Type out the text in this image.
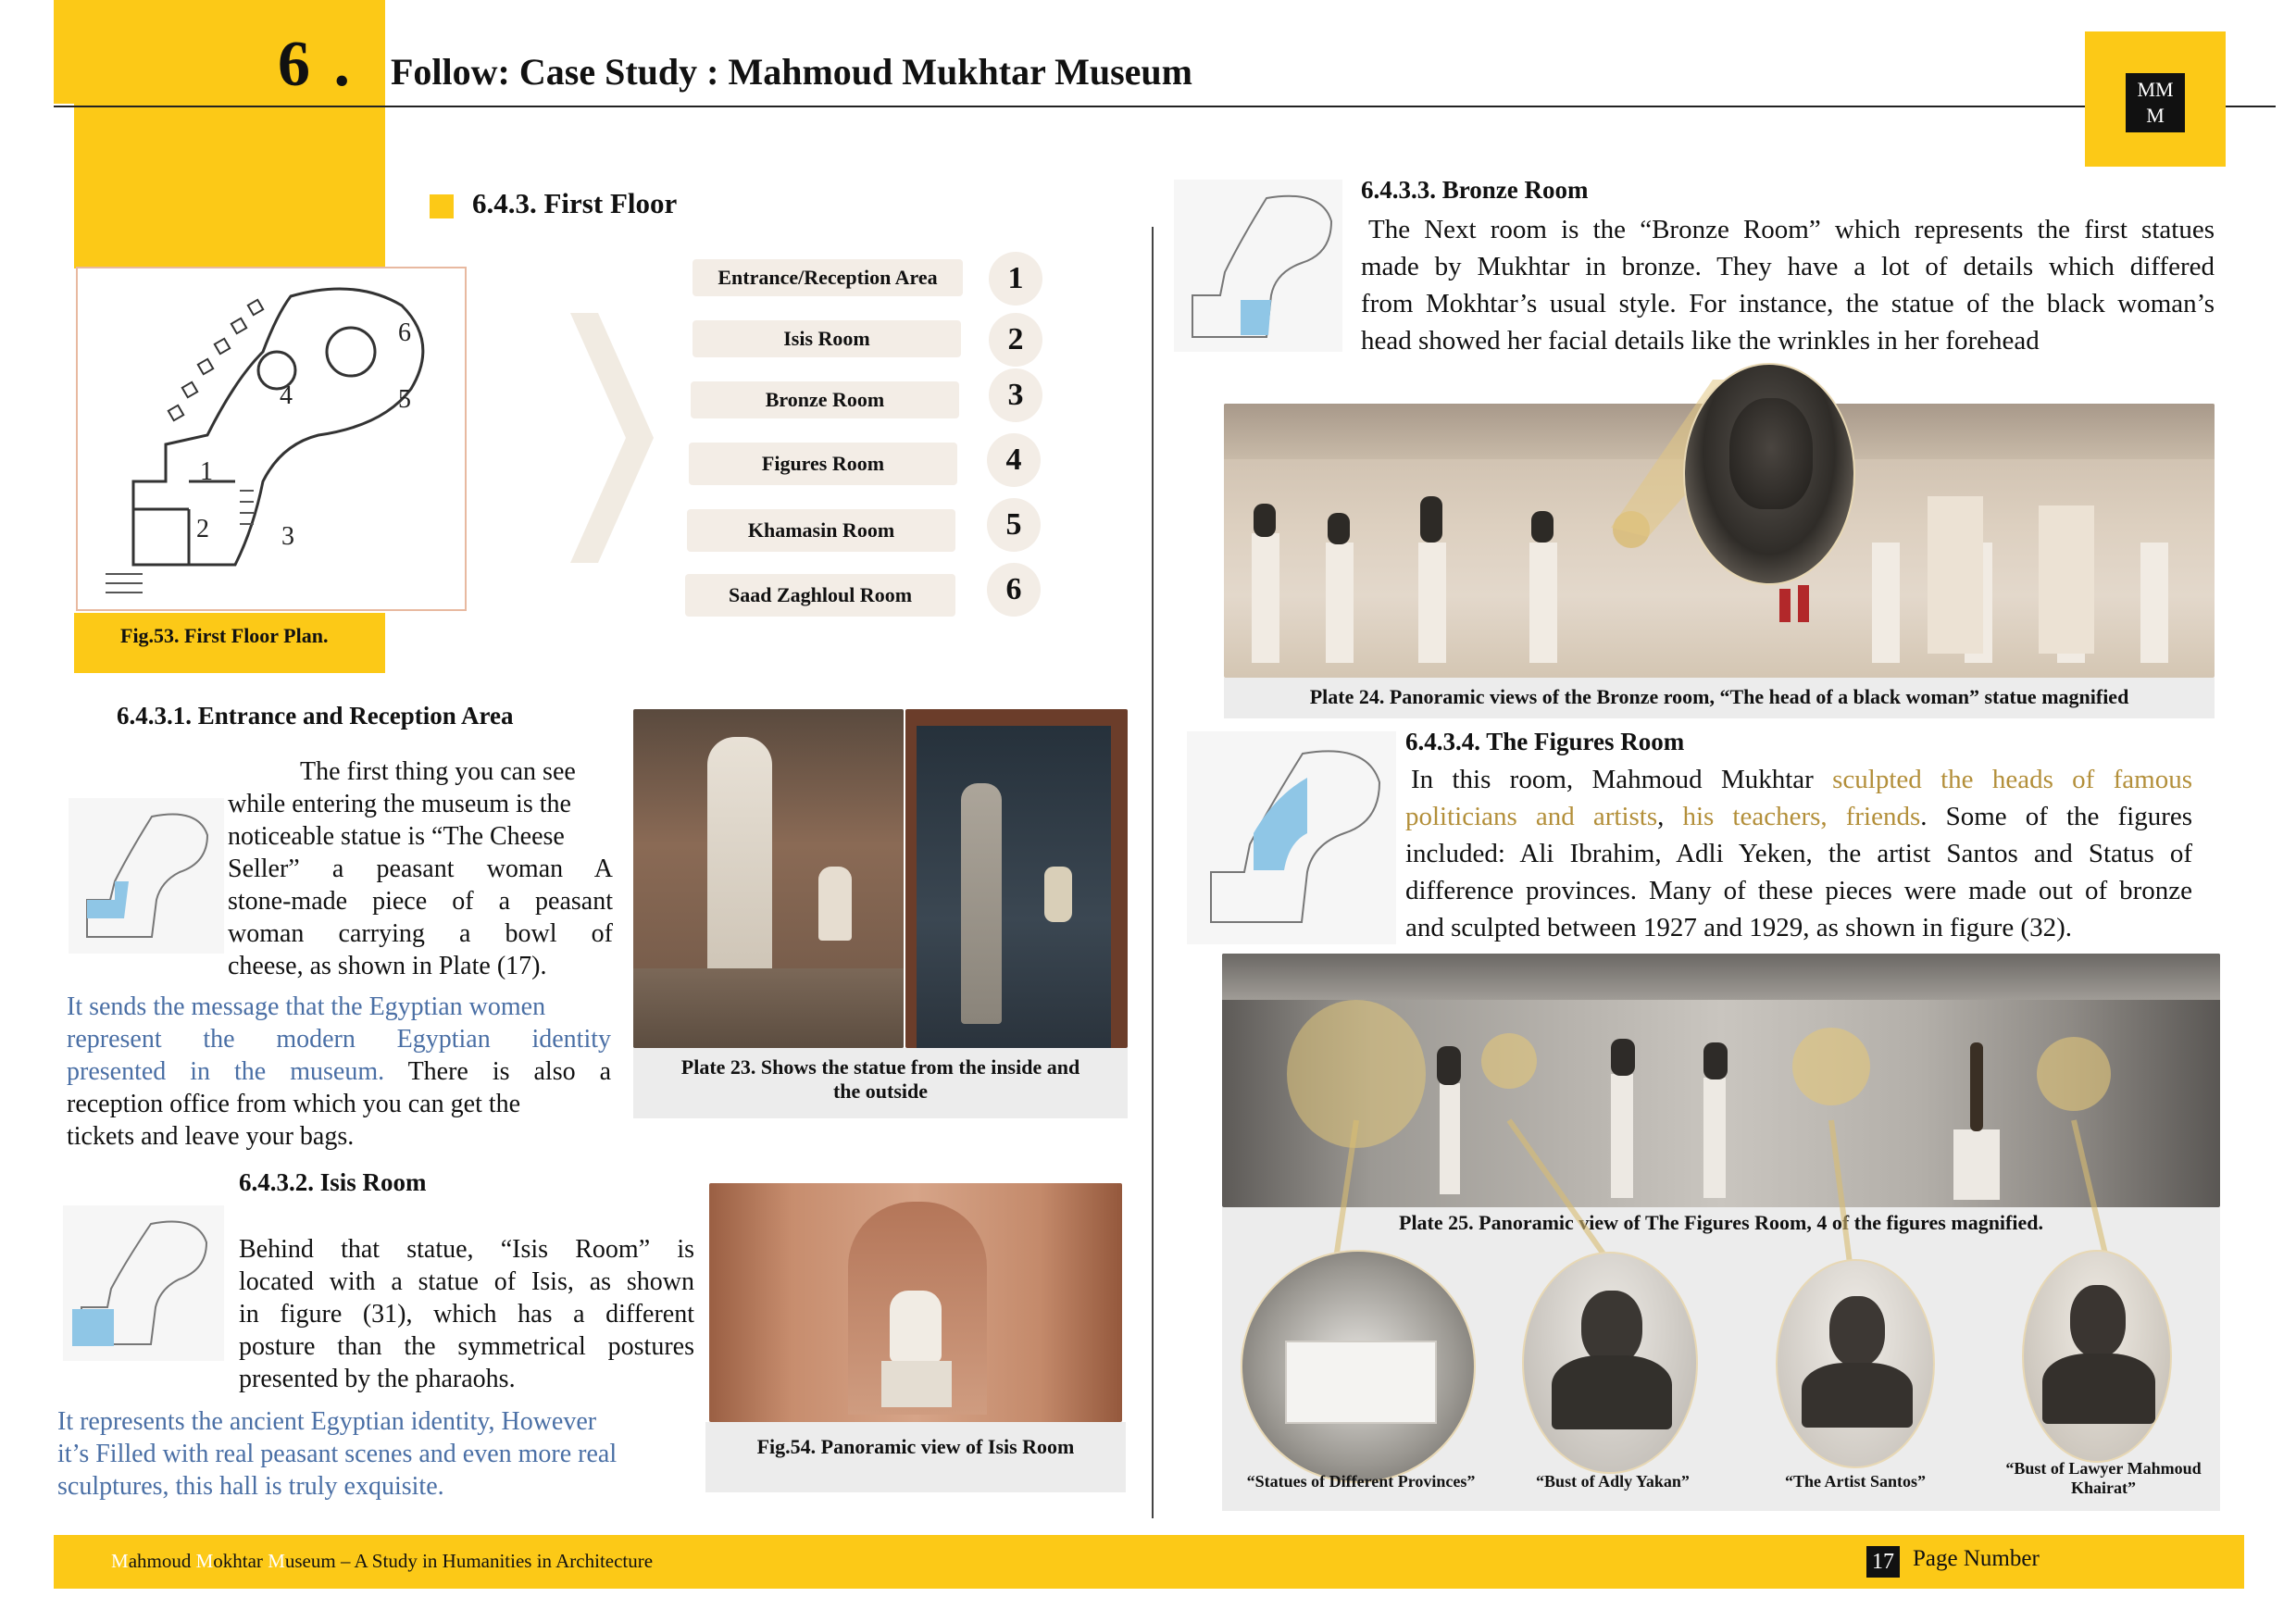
6 . Follow: Case Study : Mahmoud Mukhtar Museum	MM
M
6.4.3. First Floor
1
2	3
4	5
6
Fig.53. First Floor Plan.
Entrance/Reception Area	1
Isis Room	2
Bronze Room	3
Figures Room	4
Khamasin Room	5
Saad Zaghloul Room	6
6.4.3.1. Entrance and Reception Area
The first thing you can see
while entering the museum is the
noticeable statue is “The Cheese
Seller” a peasant woman A
stone-made piece of a peasant
woman carrying a bowl of
cheese, as shown in Plate (17).
It sends the message that the Egyptian women
represent the modern Egyptian identity
presented in the museum. There is also a
reception office from which you can get the
tickets and leave your bags.
Plate 23. Shows the statue from the inside and
the outside
6.4.3.2. Isis Room
Behind that statue, “Isis Room” is
located with a statue of Isis, as shown
in figure (31), which has a different
posture than the symmetrical postures
presented by the pharaohs.
It represents the ancient Egyptian identity, However
it’s Filled with real peasant scenes and even more real
sculptures, this hall is truly exquisite.
Fig.54. Panoramic view of Isis Room
6.4.3.3. Bronze Room
The Next room is the “Bronze Room” which represents the first statues
made by Mukhtar in bronze. They have a lot of details which differed
from Mokhtar’s usual style. For instance, the statue of the black woman’s
head showed her facial details like the wrinkles in her forehead
Plate 24. Panoramic views of the Bronze room, “The head of a black woman” statue magnified
6.4.3.4. The Figures Room
In this room, Mahmoud Mukhtar sculpted the heads of famous
politicians and artists, his teachers, friends. Some of the figures
included: Ali Ibrahim, Adli Yeken, the artist Santos and Status of
difference provinces. Many of these pieces were made out of bronze
and sculpted between 1927 and 1929, as shown in figure (32).
Plate 25. Panoramic view of The Figures Room, 4 of the figures magnified.
“Statues of Different Provinces”	“Bust of Adly Yakan”	“The Artist Santos”
“Bust of Lawyer Mahmoud
Khairat”
Mahmoud Mokhtar Museum – A Study in Humanities in Architecture	17 Page Number
